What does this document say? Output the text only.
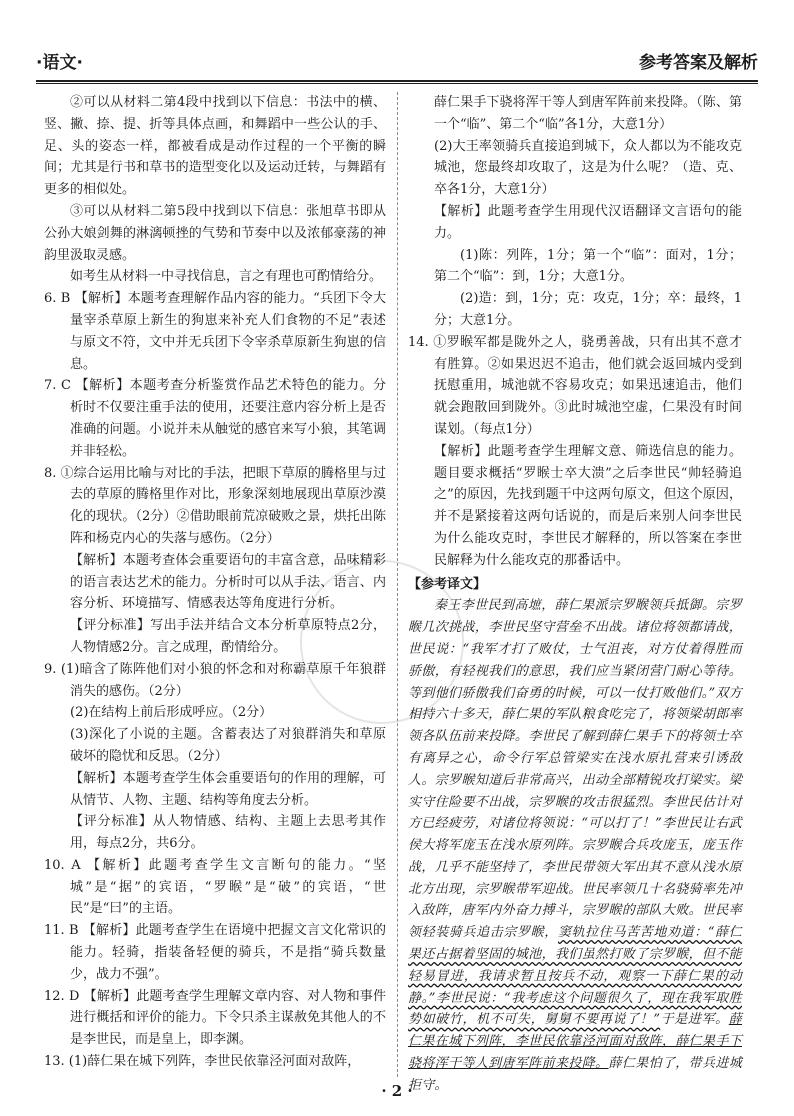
·语文·	参考答案及解析

②可以从材料二第4段中找到以下信息：书法中的横、竖、撇、捺、提、折等具体点画，和舞蹈中一些公认的手、足、头的姿态一样，都被看成是动作过程的一个平衡的瞬间；尤其是行书和草书的造型变化以及运动迁转，与舞蹈有更多的相似处。

③可以从材料二第5段中找到以下信息：张旭草书即从公孙大娘剑舞的淋漓顿挫的气势和节奏中以及浓郁豪荡的神韵里汲取灵感。

如考生从材料一中寻找信息，言之有理也可酌情给分。

6. B 【解析】本题考查理解作品内容的能力。“兵团下令大量宰杀草原上新生的狗崽来补充人们食物的不足”表述与原文不符，文中并无兵团下令宰杀草原新生狗崽的信息。

7. C 【解析】本题考查分析鉴赏作品艺术特色的能力。分析时不仅要注重手法的使用，还要注意内容分析上是否准确的问题。小说并未从触觉的感官来写小狼，其笔调并非轻松。

8. ①综合运用比喻与对比的手法，把眼下草原的腾格里与过去的草原的腾格里作对比，形象深刻地展现出草原沙漠化的现状。（2分）②借助眼前荒凉破败之景，烘托出陈阵和杨克内心的失落与感伤。（2分）

【解析】本题考查体会重要语句的丰富含意，品味精彩的语言表达艺术的能力。分析时可以从手法、语言、内容分析、环境描写、情感表达等角度进行分析。

【评分标准】写出手法并结合文本分析草原特点2分，人物情感2分。言之成理，酌情给分。

9. (1)暗含了陈阵他们对小狼的怀念和对称霸草原千年狼群消失的感伤。（2分）

(2)在结构上前后形成呼应。（2分）

(3)深化了小说的主题。含蓄表达了对狼群消失和草原破坏的隐忧和反思。（2分）

【解析】本题考查学生体会重要语句的作用的理解，可从情节、人物、主题、结构等角度去分析。

【评分标准】从人物情感、结构、主题上去思考其作用，每点2分，共6分。

10. A 【解析】此题考查学生文言断句的能力。“坚城”是“据”的宾语，“罗睺”是“破”的宾语，“世民”是“曰”的主语。

11. B 【解析】此题考查学生在语境中把握文言文化常识的能力。轻骑，指装备轻便的骑兵，不是指“骑兵数量少，战力不强”。

12. D 【解析】此题考查学生理解文章内容、对人物和事件进行概括和评价的能力。下令只杀主谋赦免其他人的不是李世民，而是皇上，即李渊。

13. (1)薛仁果在城下列阵，李世民依靠泾河面对敌阵，

薛仁果手下骁将浑干等人到唐军阵前来投降。（陈、第一个“临”、第二个“临”各1分，大意1分）

(2)大王率领骑兵直接追到城下，众人都以为不能攻克城池，您最终却攻取了，这是为什么呢？（造、克、卒各1分，大意1分）

【解析】此题考查学生用现代汉语翻译文言语句的能力。

(1)陈：列阵，1分；第一个“临”：面对，1分；第二个“临”：到，1分；大意1分。

(2)造：到，1分；克：攻克，1分；卒：最终，1分；大意1分。

14. ①罗睺军都是陇外之人，骁勇善战，只有出其不意才有胜算。②如果迟迟不追击，他们就会返回城内受到抚慰重用，城池就不容易攻克；如果迅速追击，他们就会跑散回到陇外。③此时城池空虚，仁果没有时间谋划。（每点1分）

【解析】此题考查学生理解文意、筛选信息的能力。题目要求概括“罗睺士卒大溃”之后李世民“帅轻骑追之”的原因，先找到题干中这两句原文，但这个原因，并不是紧接着这两句话说的，而是后来别人问李世民为什么能攻克时，李世民才解释的，所以答案在李世民解释为什么能攻克的那番话中。

【参考译文】

秦王李世民到高墌，薛仁果派宗罗睺领兵抵御。宗罗睺几次挑战，李世民坚守营垒不出战。诸位将领都请战，世民说：“我军才打了败仗，士气沮丧，对方仗着得胜而骄傲，有轻视我们的意思，我们应当紧闭营门耐心等待。等到他们骄傲我们奋勇的时候，可以一仗打败他们。”双方相持六十多天，薛仁果的军队粮食吃完了，将领梁胡郎率领各队伍前来投降。李世民了解到薛仁果手下的将领士卒有离异之心，命令行军总管梁实在浅水原扎营来引诱敌人。宗罗睺知道后非常高兴，出动全部精锐攻打梁实。梁实守住险要不出战，宗罗睺的攻击很猛烈。李世民估计对方已经疲劳，对诸位将领说：“可以打了！”李世民让右武侯大将军庞玉在浅水原列阵。宗罗睺合兵攻庞玉，庞玉作战，几乎不能坚持了，李世民带领大军出其不意从浅水原北方出现，宗罗睺带军迎战。世民率领几十名骁骑率先冲入敌阵，唐军内外奋力搏斗，宗罗睺的部队大败。世民率领轻装骑兵追击宗罗睺，窦轨拉住马苦苦地劝道：“薛仁果还占据着坚固的城池，我们虽然打败了宗罗睺，但不能轻易冒进，我请求暂且按兵不动，观察一下薛仁果的动静。”李世民说：“我考虑这个问题很久了，现在我军取胜势如破竹，机不可失，舅舅不要再说了！”于是进军。薛仁果在城下列阵，李世民依靠泾河面对敌阵，薛仁果手下骁将浑干等人到唐军阵前来投降。薛仁果怕了，带兵进城拒守。

· 2 ·
